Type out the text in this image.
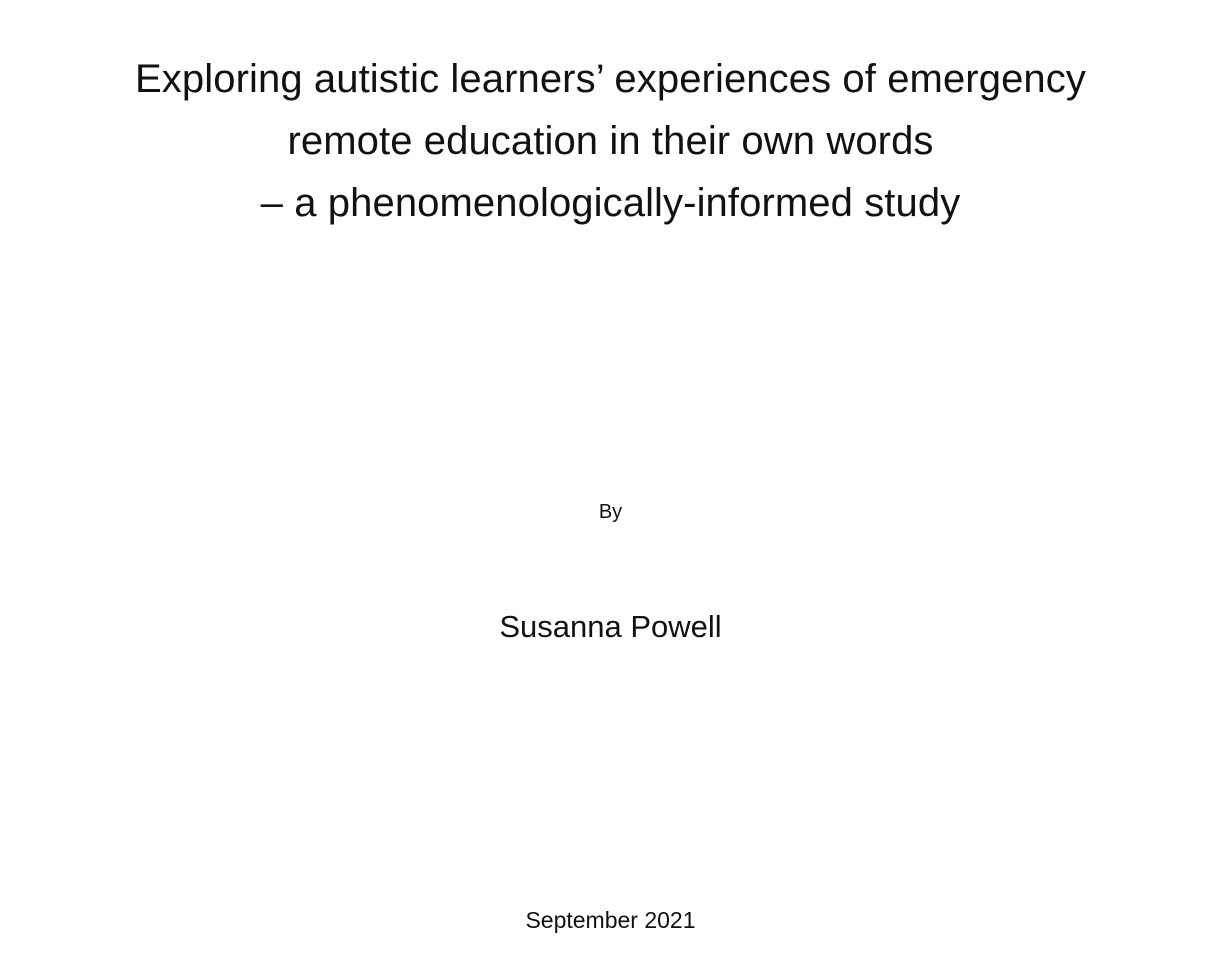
Exploring autistic learners’ experiences of emergency
remote education in their own words
– a phenomenologically-informed study
By
Susanna Powell
September 2021
